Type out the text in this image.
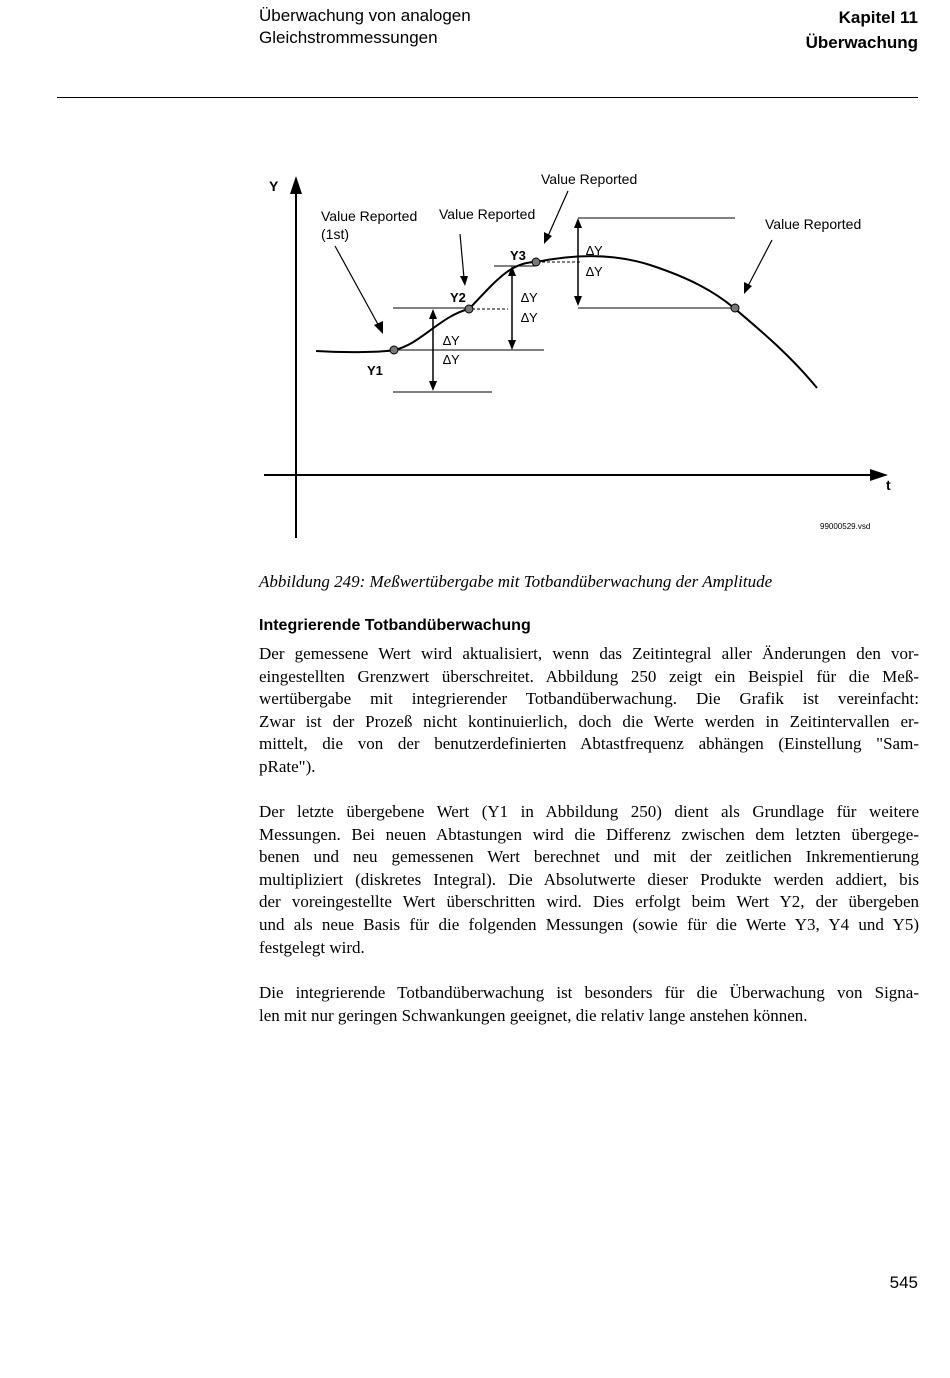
Überwachung von analogen
Gleichstrommessungen
Kapitel 11
Überwachung
Y
t
∆Y
∆Y
∆Y
∆Y
∆Y
∆Y
Y1
Y2
Y3
Value Reported
(1st)
Value Reported
Value Reported
Value Reported
99000529.vsd
Abbildung 249: Meßwertübergabe mit Totbandüberwachung der Amplitude
Integrierende Totbandüberwachung
Der gemessene Wert wird aktualisiert, wenn das Zeitintegral aller Änderungen den vor-
eingestellten Grenzwert überschreitet. Abbildung 250 zeigt ein Beispiel für die Meß-
wertübergabe mit integrierender Totbandüberwachung. Die Grafik ist vereinfacht:
Zwar ist der Prozeß nicht kontinuierlich, doch die Werte werden in Zeitintervallen er-
mittelt, die von der benutzerdefinierten Abtastfrequenz abhängen (Einstellung "Sam-
pRate").
Der letzte übergebene Wert (Y1 in Abbildung 250) dient als Grundlage für weitere
Messungen. Bei neuen Abtastungen wird die Differenz zwischen dem letzten übergege-
benen und neu gemessenen Wert berechnet und mit der zeitlichen Inkrementierung
multipliziert (diskretes Integral). Die Absolutwerte dieser Produkte werden addiert, bis
der voreingestellte Wert überschritten wird. Dies erfolgt beim Wert Y2, der übergeben
und als neue Basis für die folgenden Messungen (sowie für die Werte Y3, Y4 und Y5)
festgelegt wird.
Die integrierende Totbandüberwachung ist besonders für die Überwachung von Signa-
len mit nur geringen Schwankungen geeignet, die relativ lange anstehen können.
545
